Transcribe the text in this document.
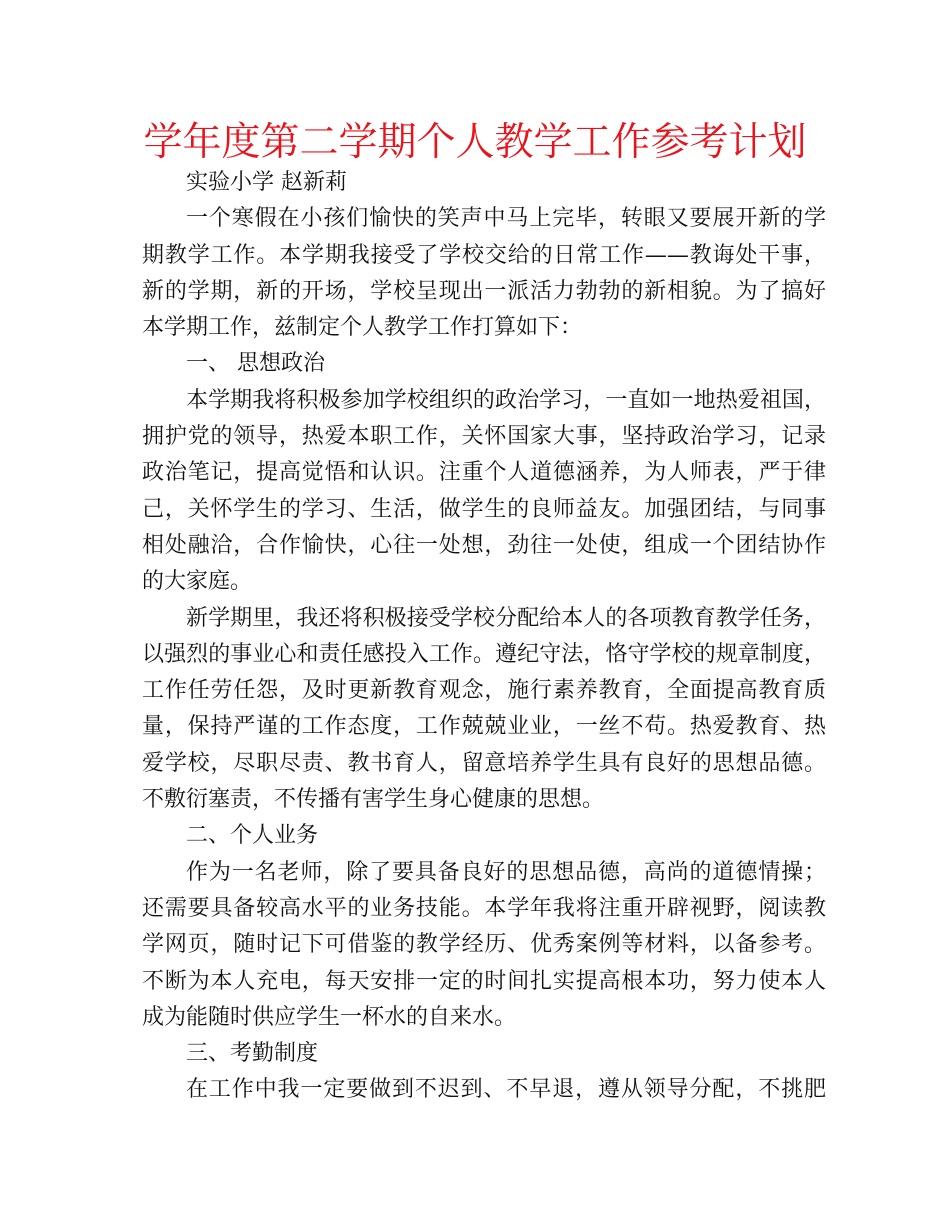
学年度第二学期个人教学工作参考计划
实验小学 赵新莉
一个寒假在小孩们愉快的笑声中马上完毕，转眼又要展开新的学
期教学工作。本学期我接受了学校交给的日常工作——教诲处干事，
新的学期，新的开场，学校呈现出一派活力勃勃的新相貌。为了搞好
本学期工作，兹制定个人教学工作打算如下：
一、 思想政治
本学期我将积极参加学校组织的政治学习，一直如一地热爱祖国，
拥护党的领导，热爱本职工作，关怀国家大事，坚持政治学习，记录
政治笔记，提高觉悟和认识。注重个人道德涵养，为人师表，严于律
己，关怀学生的学习、生活，做学生的良师益友。加强团结，与同事
相处融洽，合作愉快，心往一处想，劲往一处使，组成一个团结协作
的大家庭。
新学期里，我还将积极接受学校分配给本人的各项教育教学任务，
以强烈的事业心和责任感投入工作。遵纪守法，恪守学校的规章制度，
工作任劳任怨，及时更新教育观念，施行素养教育，全面提高教育质
量，保持严谨的工作态度，工作兢兢业业，一丝不苟。热爱教育、热
爱学校，尽职尽责、教书育人，留意培养学生具有良好的思想品德。
不敷衍塞责，不传播有害学生身心健康的思想。
二、个人业务
作为一名老师，除了要具备良好的思想品德，高尚的道德情操；
还需要具备较高水平的业务技能。本学年我将注重开辟视野，阅读教
学网页，随时记下可借鉴的教学经历、优秀案例等材料，以备参考。
不断为本人充电，每天安排一定的时间扎实提高根本功，努力使本人
成为能随时供应学生一杯水的自来水。
三、考勤制度
在工作中我一定要做到不迟到、不早退，遵从领导分配，不挑肥
